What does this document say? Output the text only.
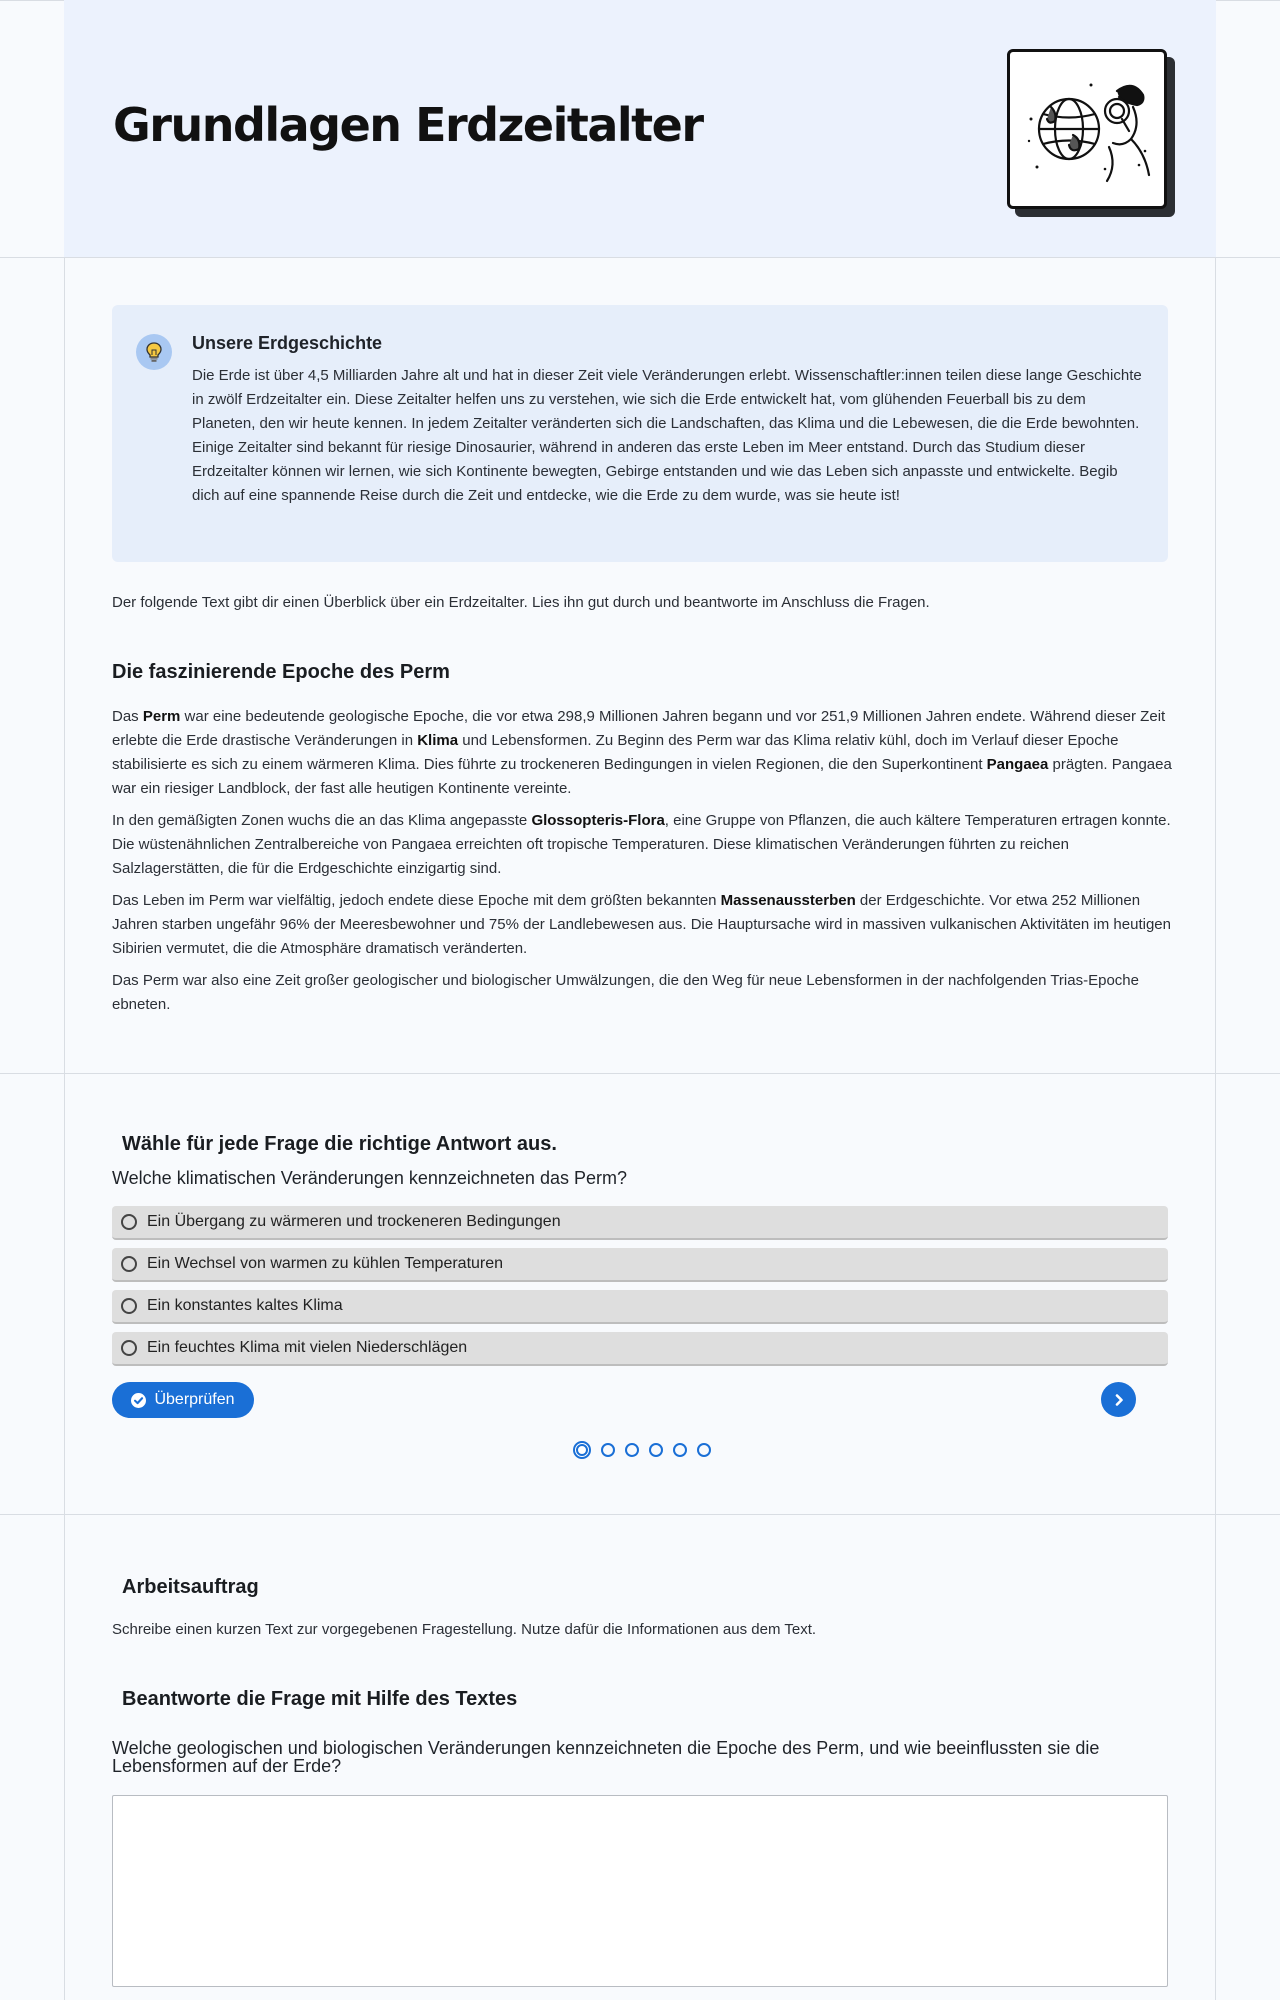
Grundlagen Erdzeitalter
Unsere Erdgeschichte
Die Erde ist über 4,5 Milliarden Jahre alt und hat in dieser Zeit viele Veränderungen erlebt. Wissenschaftler:innen teilen diese lange Geschichte in zwölf Erdzeitalter ein. Diese Zeitalter helfen uns zu verstehen, wie sich die Erde entwickelt hat, vom glühenden Feuerball bis zu dem Planeten, den wir heute kennen. In jedem Zeitalter veränderten sich die Landschaften, das Klima und die Lebewesen, die die Erde bewohnten. Einige Zeitalter sind bekannt für riesige Dinosaurier, während in anderen das erste Leben im Meer entstand. Durch das Studium dieser Erdzeitalter können wir lernen, wie sich Kontinente bewegten, Gebirge entstanden und wie das Leben sich anpasste und entwickelte. Begib dich auf eine spannende Reise durch die Zeit und entdecke, wie die Erde zu dem wurde, was sie heute ist!
Der folgende Text gibt dir einen Überblick über ein Erdzeitalter. Lies ihn gut durch und beantworte im Anschluss die Fragen.
Die faszinierende Epoche des Perm

Das Perm war eine bedeutende geologische Epoche, die vor etwa 298,9 Millionen Jahren begann und vor 251,9 Millionen Jahren endete. Während dieser Zeit erlebte die Erde drastische Veränderungen in Klima und Lebensformen. Zu Beginn des Perm war das Klima relativ kühl, doch im Verlauf dieser Epoche stabilisierte es sich zu einem wärmeren Klima. Dies führte zu trockeneren Bedingungen in vielen Regionen, die den Superkontinent Pangaea prägten. Pangaea war ein riesiger Landblock, der fast alle heutigen Kontinente vereinte.

In den gemäßigten Zonen wuchs die an das Klima angepasste Glossopteris-Flora, eine Gruppe von Pflanzen, die auch kältere Temperaturen ertragen konnte. Die wüstenähnlichen Zentralbereiche von Pangaea erreichten oft tropische Temperaturen. Diese klimatischen Veränderungen führten zu reichen Salzlagerstätten, die für die Erdgeschichte einzigartig sind.

Das Leben im Perm war vielfältig, jedoch endete diese Epoche mit dem größten bekannten Massenaussterben der Erdgeschichte. Vor etwa 252 Millionen Jahren starben ungefähr 96% der Meeresbewohner und 75% der Landlebewesen aus. Die Hauptursache wird in massiven vulkanischen Aktivitäten im heutigen Sibirien vermutet, die die Atmosphäre dramatisch veränderten.

Das Perm war also eine Zeit großer geologischer und biologischer Umwälzungen, die den Weg für neue Lebensformen in der nachfolgenden Trias-Epoche ebneten.

Wähle für jede Frage die richtige Antwort aus.
Welche klimatischen Veränderungen kennzeichneten das Perm?
Ein Übergang zu wärmeren und trockeneren Bedingungen
Ein Wechsel von warmen zu kühlen Temperaturen
Ein konstantes kaltes Klima
Ein feuchtes Klima mit vielen Niederschlägen
Überprüfen
Arbeitsauftrag
Schreibe einen kurzen Text zur vorgegebenen Fragestellung. Nutze dafür die Informationen aus dem Text.
Beantworte die Frage mit Hilfe des Textes
Welche geologischen und biologischen Veränderungen kennzeichneten die Epoche des Perm, und wie beeinflussten sie die Lebensformen auf der Erde?
